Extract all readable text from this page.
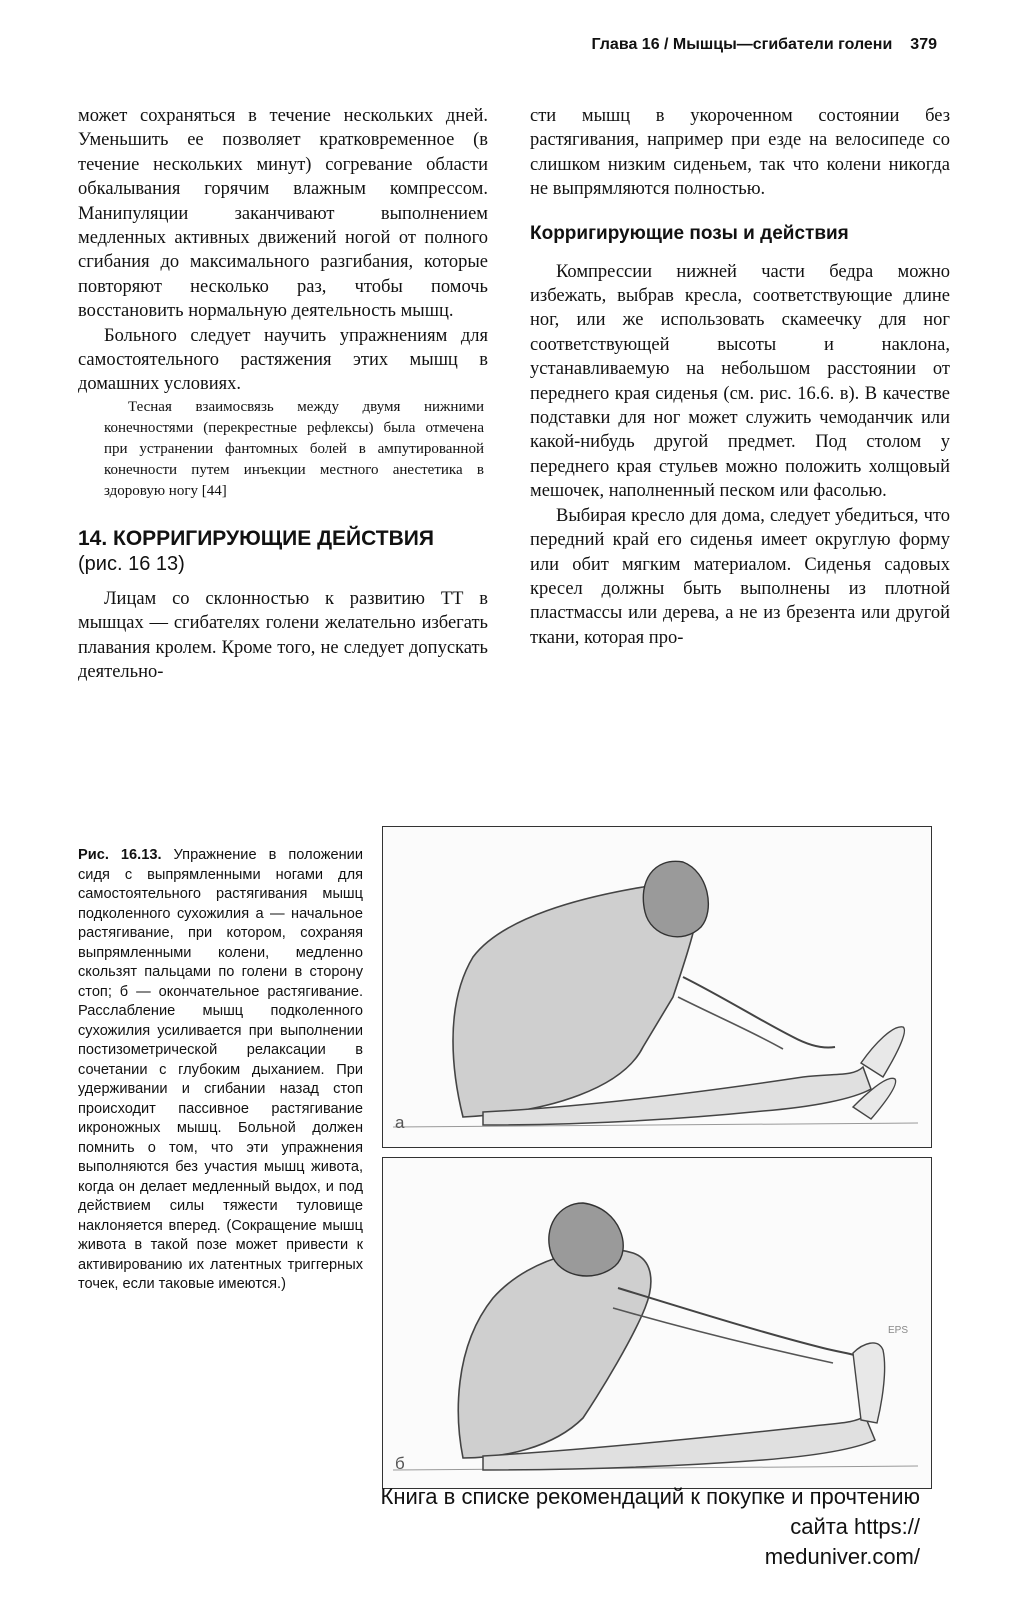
Глава 16 / Мышцы—сгибатели голени 379

может сохраняться в течение нескольких дней. Уменьшить ее позволяет кратковременное (в течение нескольких минут) согревание области обкалывания горячим влажным компрессом. Манипуляции заканчивают выполнением медленных активных движений ногой от полного сгибания до максимального разгибания, которые повторяют несколько раз, чтобы помочь восстановить нормальную деятельность мышц.

Больного следует научить упражнениям для самостоятельного растяжения этих мышц в домашних условиях.

Тесная взаимосвязь между двумя нижними конечностями (перекрестные рефлексы) была отмечена при устранении фантомных болей в ампутированной конечности путем инъекции местного анестетика в здоровую ногу [44]

14. КОРРИГИРУЮЩИЕ ДЕЙСТВИЯ
(рис. 16 13)

Лицам со склонностью к развитию ТТ в мышцах — сгибателях голени желательно избегать плавания кролем. Кроме того, не следует допускать деятельно-

сти мышц в укороченном состоянии без растягивания, например при езде на велосипеде со слишком низким сиденьем, так что колени никогда не выпрямляются полностью.

Корригирующие позы и действия

Компрессии нижней части бедра можно избежать, выбрав кресла, соответствующие длине ног, или же использовать скамеечку для ног соответствующей высоты и наклона, устанавливаемую на небольшом расстоянии от переднего края сиденья (см. рис. 16.6. в). В качестве подставки для ног может служить чемоданчик или какой-нибудь другой предмет. Под столом у переднего края стульев можно положить холщовый мешочек, наполненный песком или фасолью.

Выбирая кресло для дома, следует убедиться, что передний край его сиденья имеет округлую форму или обит мягким материалом. Сиденья садовых кресел должны быть выполнены из плотной пластмассы или дерева, а не из брезента или другой ткани, которая про-

Рис. 16.13. Упражнение в положении сидя с выпрямленными ногами для самостоятельного растягивания мышц подколенного сухожилия а — начальное растягивание, при котором, сохраняя выпрямленными колени, медленно скользят пальцами по голени в сторону стоп; б — окончательное растягивание. Расслабление мышц подколенного сухожилия усиливается при выполнении постизометрической релаксации в сочетании с глубоким дыханием. При удерживании и сгибании назад стоп происходит пассивное растягивание икроножных мышц. Больной должен помнить о том, что эти упражнения выполняются без участия мышц живота, когда он делает медленный выдох, и под действием силы тяжести туловище наклоняется вперед. (Сокращение мышц живота в такой позе может привести к активированию их латентных триггерных точек, если таковые имеются.)
а
EPS
б
Книга в списке рекомендаций к покупке и прочтению сайта https://
meduniver.com/
